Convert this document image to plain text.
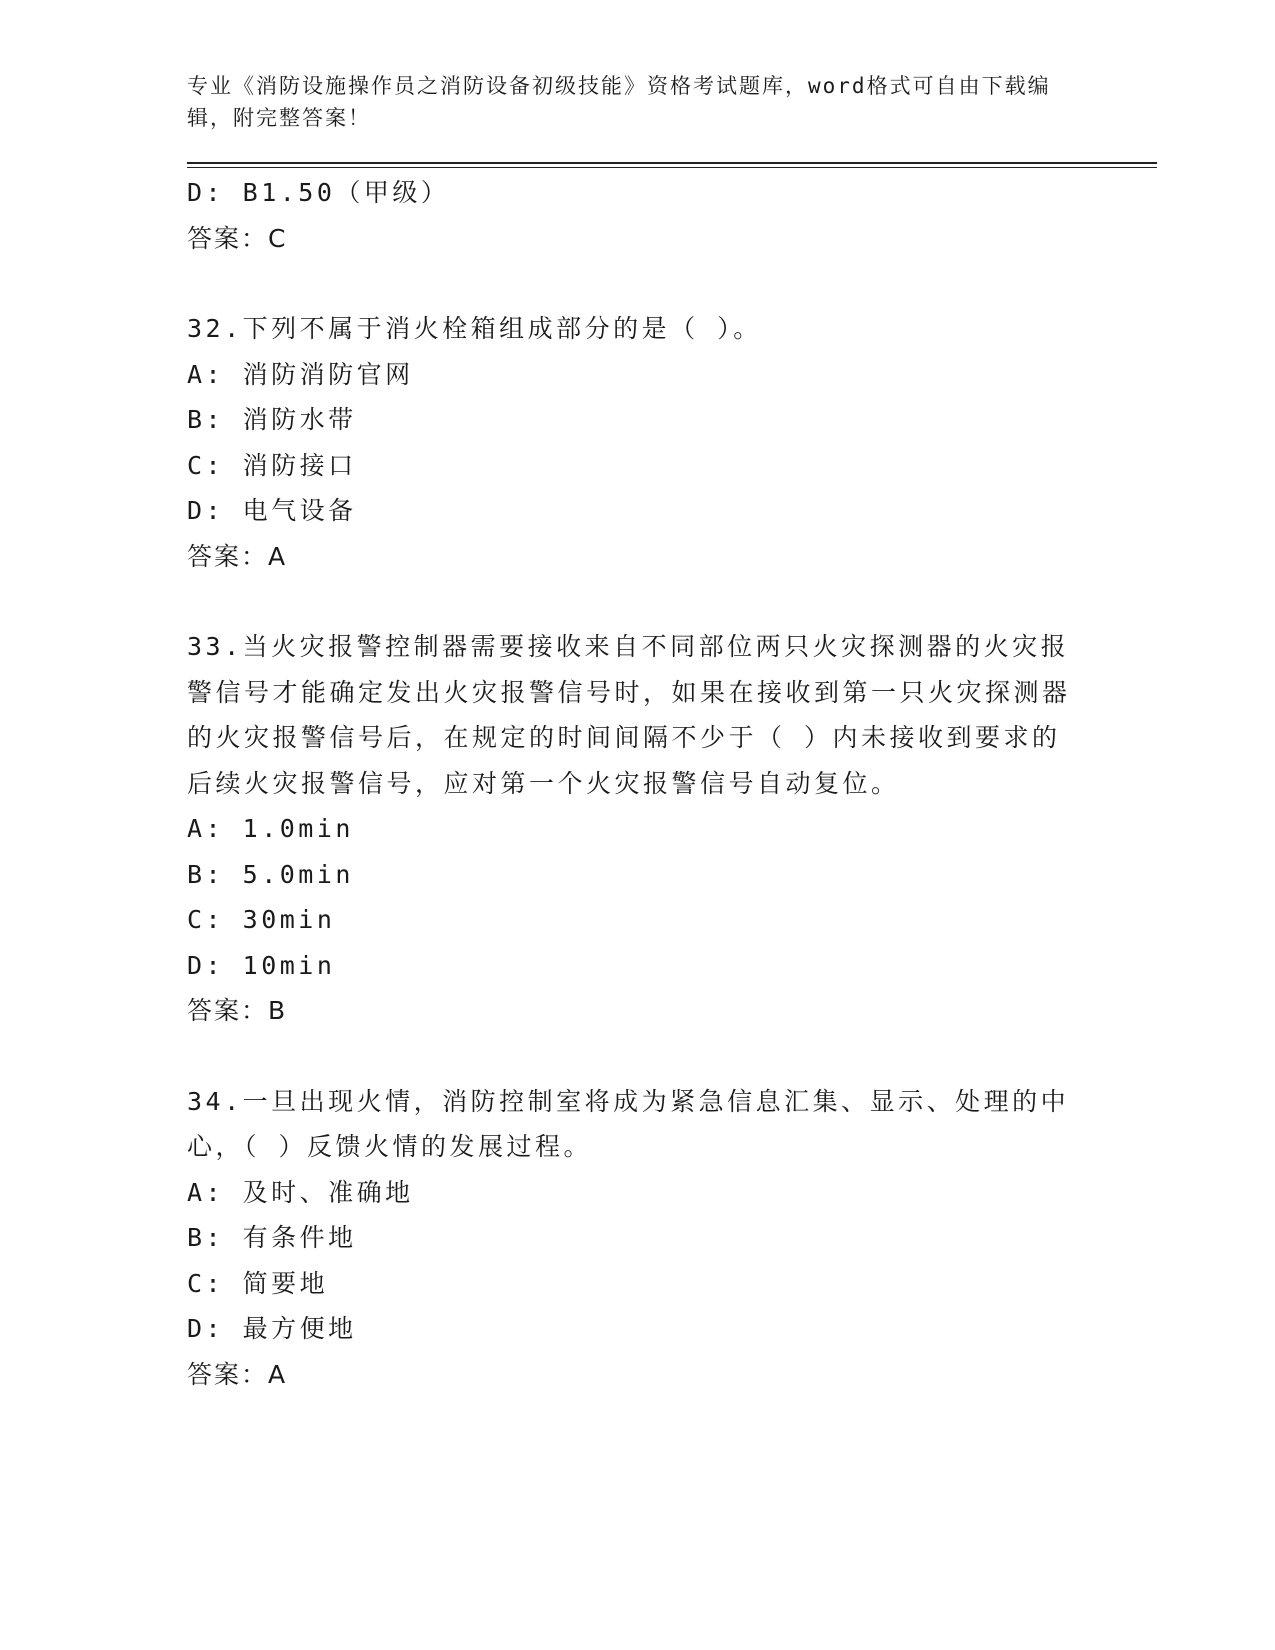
专业《消防设施操作员之消防设备初级技能》资格考试题库，word格式可自由下载编辑，附完整答案！

D: B1.50（甲级）

答案：C

32.下列不属于消火栓箱组成部分的是（ ）。

A: 消防消防官网

B: 消防水带

C: 消防接口

D: 电气设备

答案：A

33.当火灾报警控制器需要接收来自不同部位两只火灾探测器的火灾报警信号才能确定发出火灾报警信号时，如果在接收到第一只火灾探测器的火灾报警信号后，在规定的时间间隔不少于（ ）内未接收到要求的后续火灾报警信号，应对第一个火灾报警信号自动复位。

A: 1.0min

B: 5.0min

C: 30min

D: 10min

答案：B

34.一旦出现火情，消防控制室将成为紧急信息汇集、显示、处理的中心，（ ）反馈火情的发展过程。

A: 及时、准确地

B: 有条件地

C: 简要地

D: 最方便地

答案：A
